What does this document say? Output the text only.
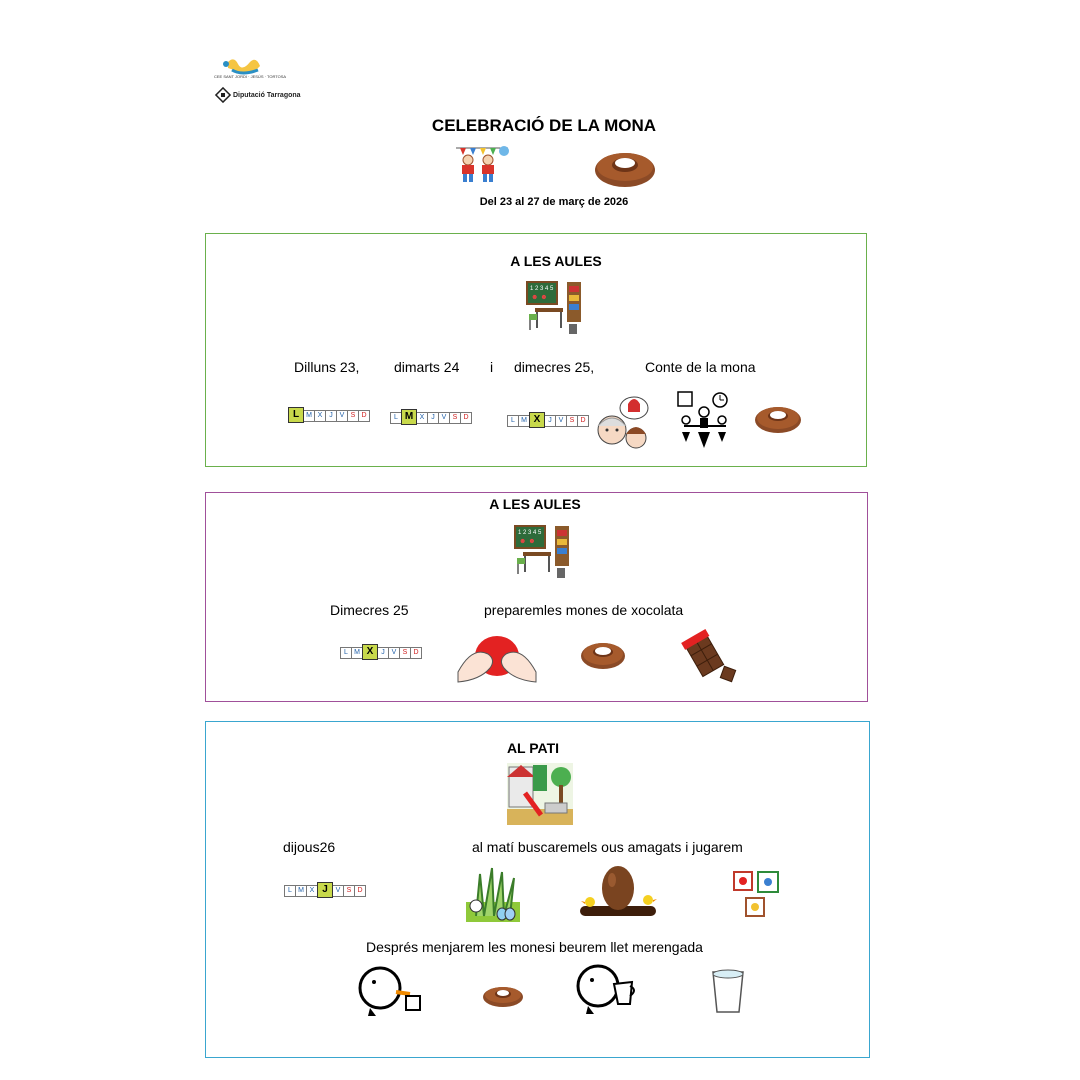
CEE SANT JORDI · JESÚS · TORTOSA
Diputació Tarragona
CELEBRACIÓ DE LA MONA
Del 23 al 27 de març de 2026
A LES AULES
1 2 3 4 5
☻ ☻
Dilluns 23, dimarts 24 i dimecres 25,	Conte de la mona
L	M X J V S D	L M X J V S D	L M X	J V S D
A LES AULES
1 2 3 4 5
☻ ☻
Dimecres 25	preparemles mones de xocolata
L M X	J V S D
AL PATI
dijous26	al matí buscaremels ous amagats i jugarem
L M X J	V S D
Després menjarem les monesi beurem llet merengada
